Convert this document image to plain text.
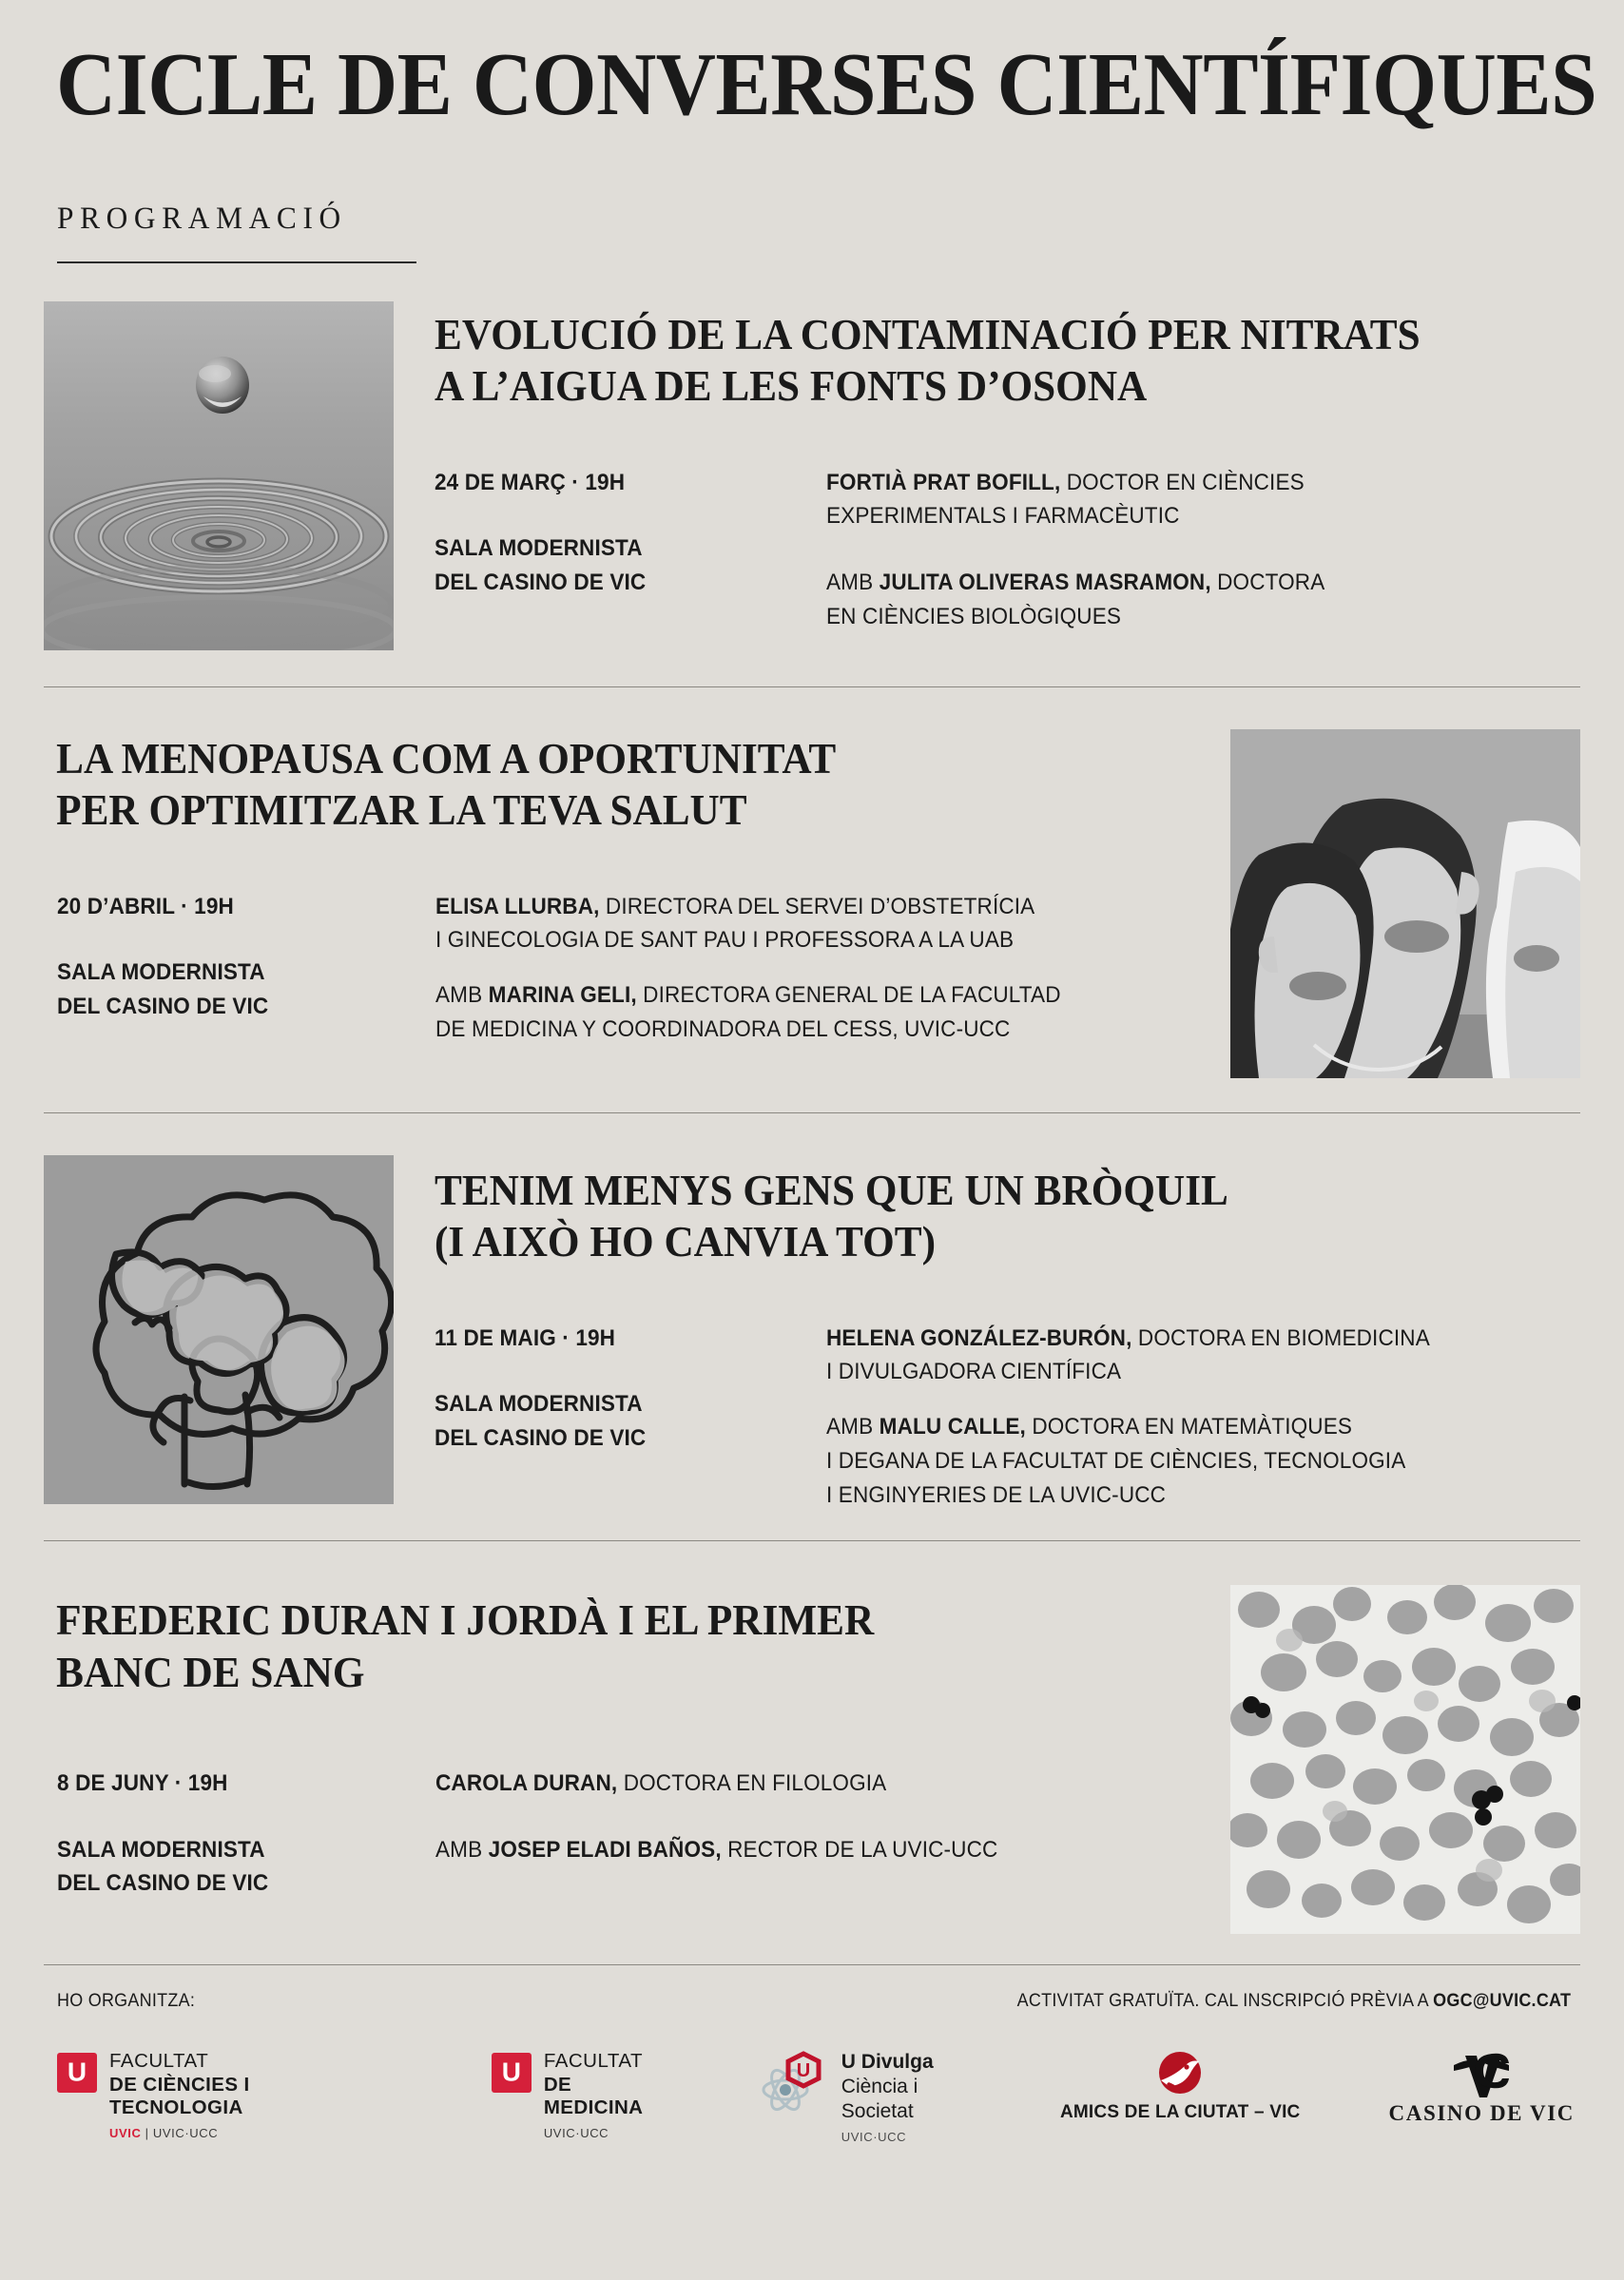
CICLE DE CONVERSES CIENTÍFIQUES
PROGRAMACIÓ
EVOLUCIÓ DE LA CONTAMINACIÓ PER NITRATS
A L’AIGUA DE LES FONTS D’OSONA
24 DE MARÇ · 19H
SALA MODERNISTA
DEL CASINO DE VIC
FORTIÀ PRAT BOFILL, DOCTOR EN CIÈNCIES
EXPERIMENTALS I FARMACÈUTIC
AMB JULITA OLIVERAS MASRAMON, DOCTORA
EN CIÈNCIES BIOLÒGIQUES
LA MENOPAUSA COM A OPORTUNITAT
PER OPTIMITZAR LA TEVA SALUT
20 D’ABRIL · 19H
SALA MODERNISTA
DEL CASINO DE VIC
ELISA LLURBA, DIRECTORA DEL SERVEI D’OBSTETRÍCIA
I GINECOLOGIA DE SANT PAU I PROFESSORA A LA UAB
AMB MARINA GELI, DIRECTORA GENERAL DE LA FACULTAD
DE MEDICINA Y COORDINADORA DEL CESS, UVIC-UCC
TENIM MENYS GENS QUE UN BRÒQUIL
(I AIXÒ HO CANVIA TOT)
11 DE MAIG · 19H
SALA MODERNISTA
DEL CASINO DE VIC
HELENA GONZÁLEZ-BURÓN, DOCTORA EN BIOMEDICINA
I DIVULGADORA CIENTÍFICA
AMB MALU CALLE, DOCTORA EN MATEMÀTIQUES
I DEGANA DE LA FACULTAT DE CIÈNCIES, TECNOLOGIA
I ENGINYERIES DE LA UVIC-UCC
FREDERIC DURAN I JORDÀ I EL PRIMER
BANC DE SANG
8 DE JUNY · 19H
SALA MODERNISTA
DEL CASINO DE VIC
CAROLA DURAN, DOCTORA EN FILOLOGIA
AMB JOSEP ELADI BAÑOS, RECTOR DE LA UVIC-UCC
HO ORGANITZA:	ACTIVITAT GRATUÏTA. CAL INSCRIPCIÓ PRÈVIA A OGC@UVIC.CAT
U
FACULTAT
DE CIÈNCIES I TECNOLOGIA
UVIC | UVIC·UCC
U
FACULTAT
DE MEDICINA
UVIC·UCC
U U Divulga
Ciència i Societat
UVIC·UCC
AMICS DE LA CIUTAT – VIC	CASINO DE VIC
